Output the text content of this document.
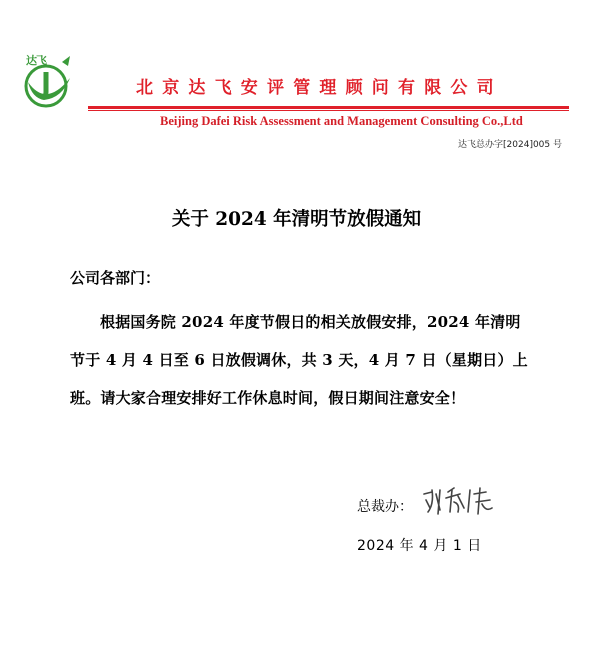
达飞
北京达飞安评管理顾问有限公司
Beijing Dafei Risk Assessment and Management Consulting Co.,Ltd
达飞总办字[2024]005 号
关于 2024 年清明节放假通知
公司各部门：
根据国务院 2024 年度节假日的相关放假安排，2024 年清明
节于 4 月 4 日至 6 日放假调休，共 3 天，4 月 7 日（星期日）上
班。请大家合理安排好工作休息时间，假日期间注意安全！
总裁办：
2024 年 4 月 1 日
